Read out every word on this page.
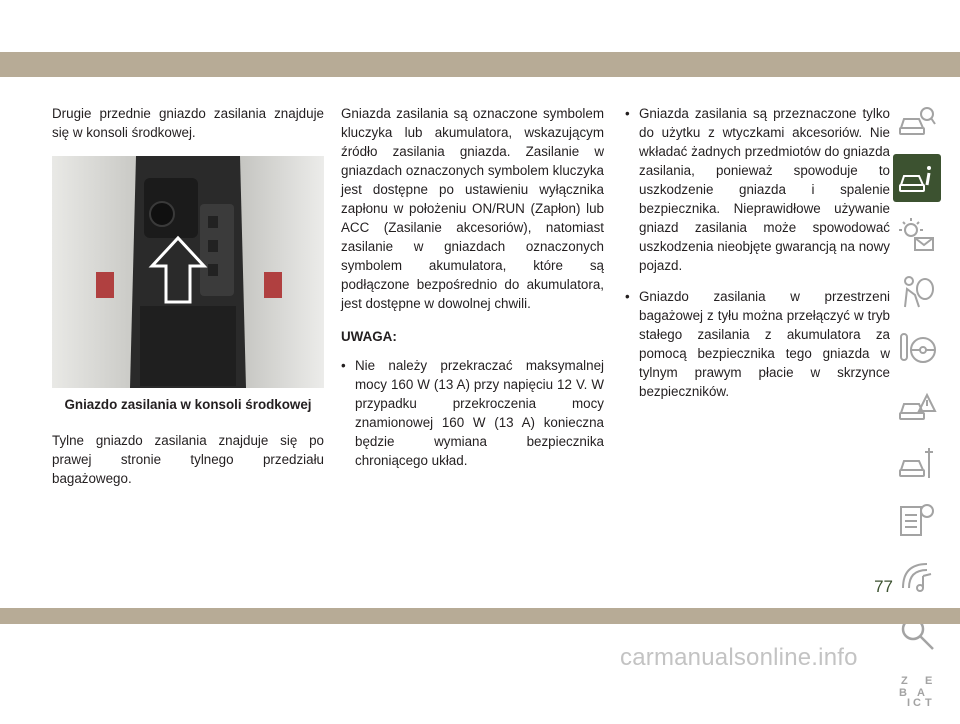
Drugie przednie gniazdo zasilania znajduje się w konsoli środkowej.

Gniazdo zasilania w konsoli środkowej

Tylne gniazdo zasilania znajduje się po prawej stronie tylnego przedziału bagażowego.

Gniazda zasilania są oznaczone symbolem kluczyka lub akumulatora, wskazującym źródło zasilania gniazda. Zasilanie w gniazdach oznaczonych symbolem kluczyka jest dostępne po ustawieniu wyłącznika zapłonu w położeniu ON/RUN (Zapłon) lub ACC (Zasilanie akcesoriów), natomiast zasilanie w gniazdach oznaczonych symbolem akumulatora, które są podłączone bezpośrednio do akumulatora, jest dostępne w dowolnej chwili.

UWAGA:
• Nie należy przekraczać maksymalnej mocy 160 W (13 A) przy napięciu 12 V. W przypadku przekroczenia mocy znamionowej 160 W (13 A) konieczna będzie wymiana bezpiecznika chroniącego układ.
• Gniazda zasilania są przeznaczone tylko do użytku z wtyczkami akcesoriów. Nie wkładać żadnych przedmiotów do gniazda zasilania, ponieważ spowoduje to uszkodzenie gniazda i spalenie bezpiecznika. Nieprawidłowe używanie gniazd zasilania może spowodować uszkodzenia nieobjęte gwarancją na nowy pojazd.
• Gniazdo zasilania w przestrzeni bagażowej z tyłu można przełączyć w tryb stałego zasilania z akumulatora za pomocą bezpiecznika tego gniazda w tylnym prawym płacie w skrzynce bezpieczników.
Z E
B A
I C T
77
carmanualsonline.info
